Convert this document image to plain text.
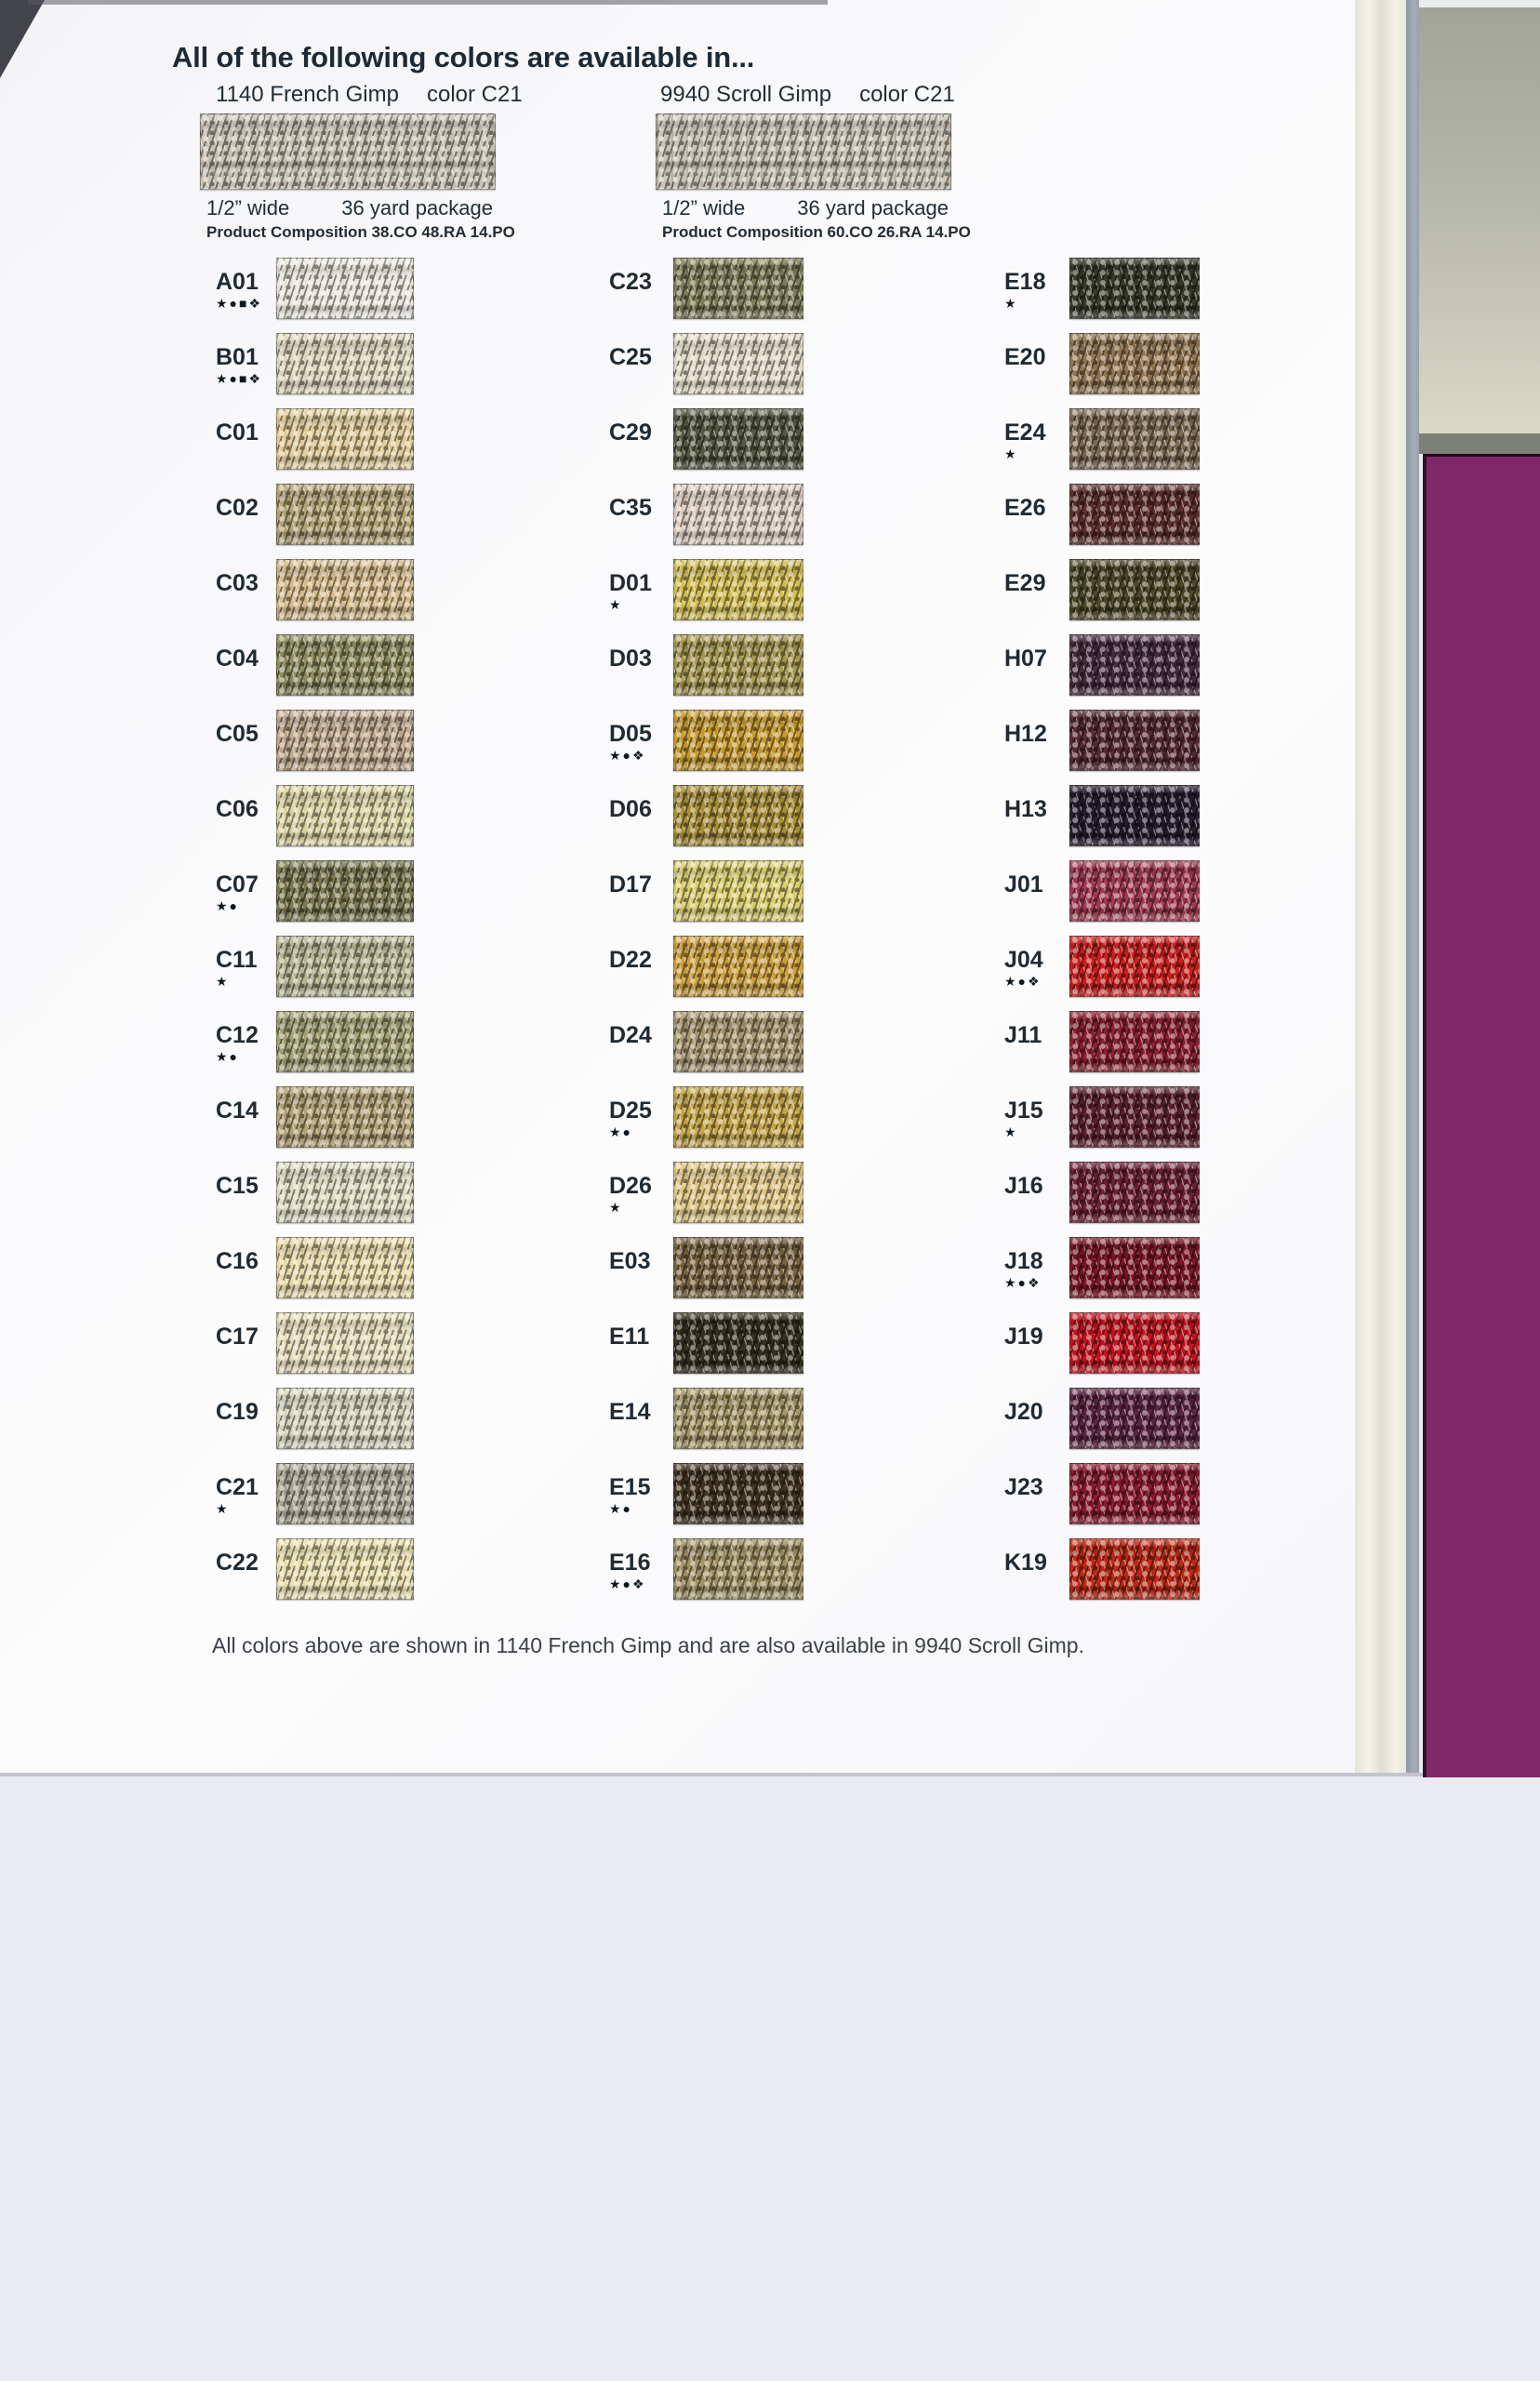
All of the following colors are available in...
1140 French Gimp color C21
1/2” wide	36 yard package
Product Composition 38.CO 48.RA 14.PO
9940 Scroll Gimp color C21
1/2” wide	36 yard package
Product Composition 60.CO 26.RA 14.PO
A01
★●■❖
B01
★●■❖
C01
C02
C03
C04
C05
C06
C07
★●
C11
★
C12
★●
C14
C15
C16
C17
C19
C21
★
C22
C23
C25
C29
C35
D01
★
D03
D05
★●❖
D06
D17
D22
D24
D25
★●
D26
★
E03
E11
E14
E15
★●
E16
★●❖
E18
★
E20
E24
★
E26
E29
H07
H12
H13
J01
J04
★●❖
J11
J15
★
J16
J18
★●❖
J19
J20
J23
K19
All colors above are shown in 1140 French Gimp and are also available in 9940 Scroll Gimp.
